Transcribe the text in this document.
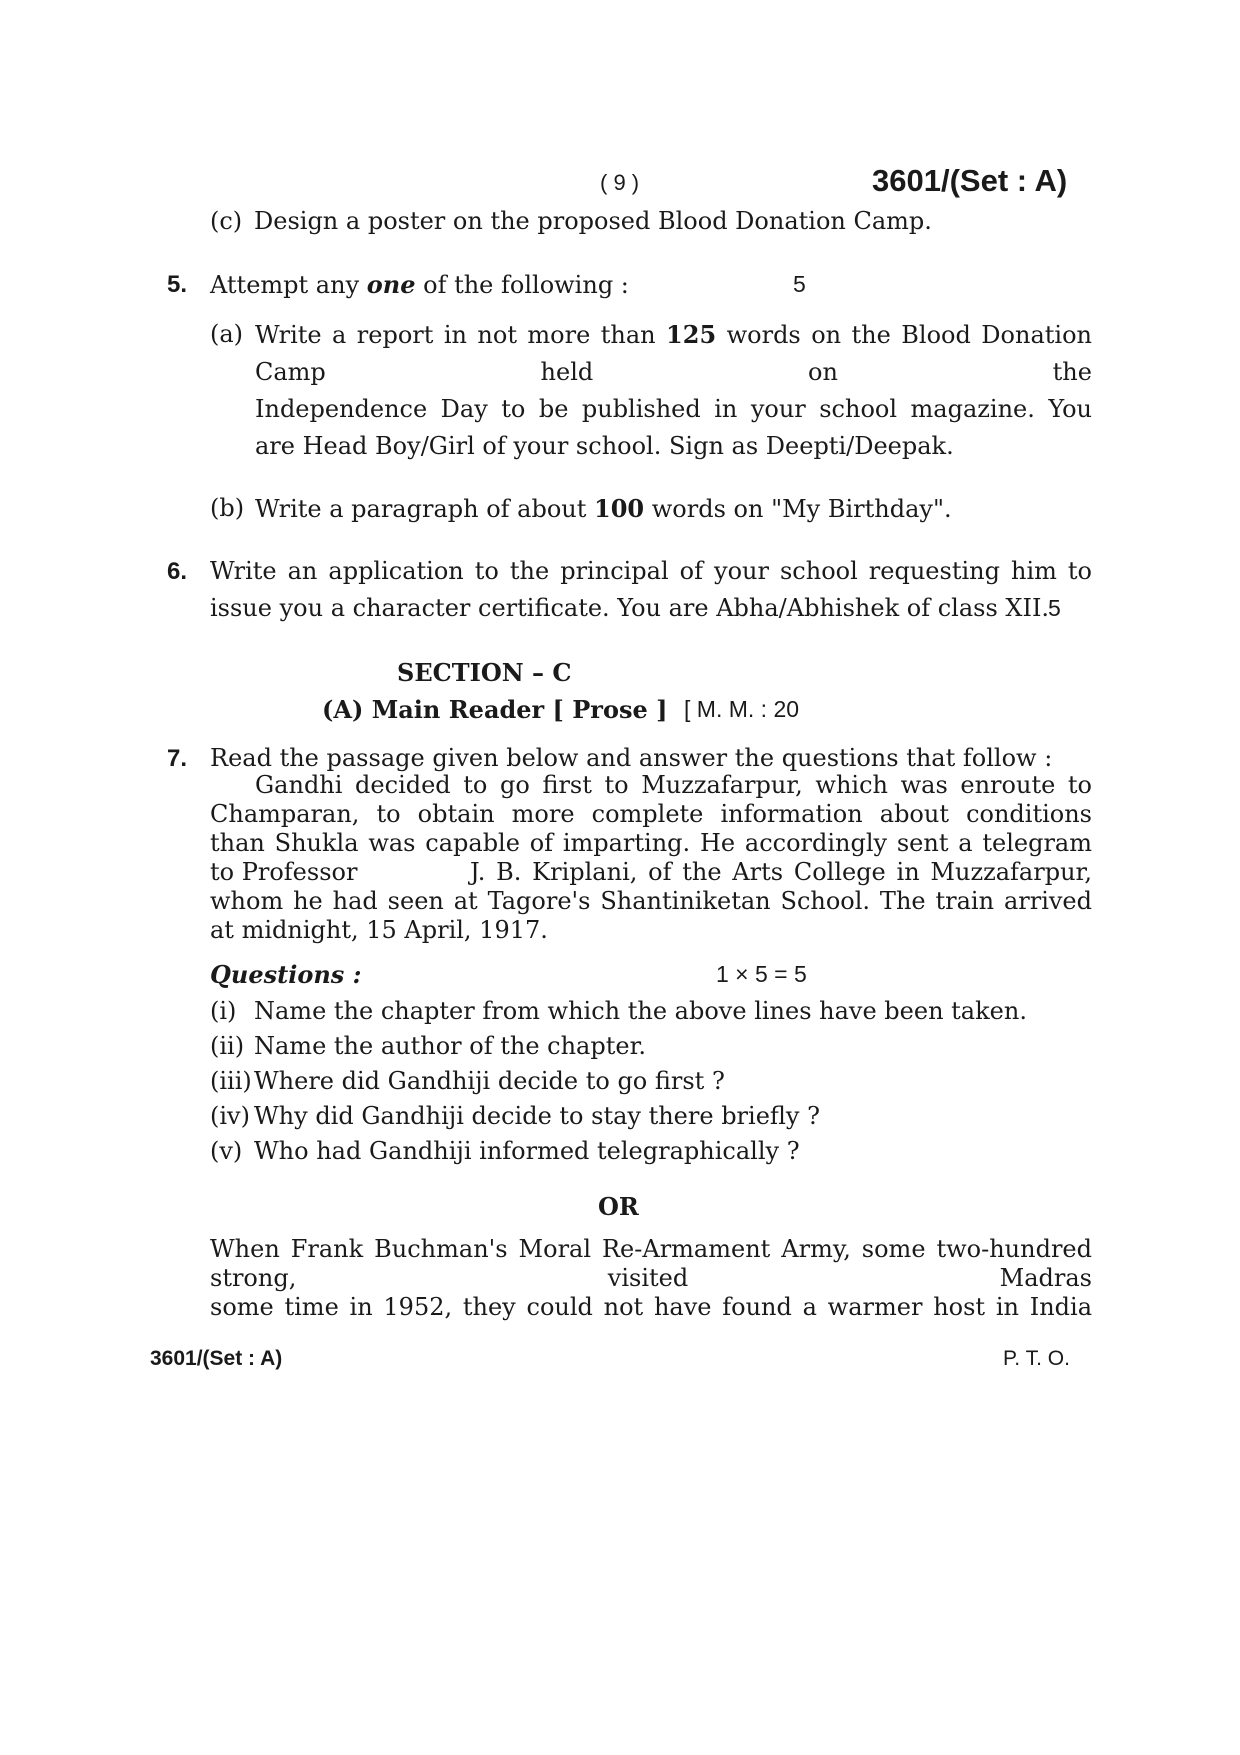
( 9 )	3601/(Set : A)
(c) Design a poster on the proposed Blood Donation Camp.
5. Attempt any one of the following :	5
(a) Write a report in not more than 125 words on the Blood Donation
Camp	held	on	the
Independence Day to be published in your school magazine. You
are Head Boy/Girl of your school. Sign as Deepti/Deepak.
(b) Write a paragraph of about 100 words on "My Birthday".
6. Write an application to the principal of your school requesting him to
issue you a character certificate. You are Abha/Abhishek of class XII.
5
SECTION – C
(A) Main Reader [ Prose ] [ M. M. : 20
7. Read the passage given below and answer the questions that follow :
Gandhi decided to go first to Muzzafarpur, which was enroute to
Champaran, to obtain more complete information about conditions
than Shukla was capable of imparting. He accordingly sent a telegram
to Professor	J. B. Kriplani, of the Arts College in Muzzafarpur,
whom he had seen at Tagore's Shantiniketan School. The train arrived
at midnight, 15 April, 1917.
Questions :	1 × 5 = 5
(i) Name the chapter from which the above lines have been taken.
(ii) Name the author of the chapter.
(iii)Where did Gandhiji decide to go first ?
(iv) Why did Gandhiji decide to stay there briefly ?
(v) Who had Gandhiji informed telegraphically ?
OR
When Frank Buchman's Moral Re-Armament Army, some two-hundred
strong,	visited	Madras
some time in 1952, they could not have found a warmer host in India
3601/(Set : A)	P. T. O.
